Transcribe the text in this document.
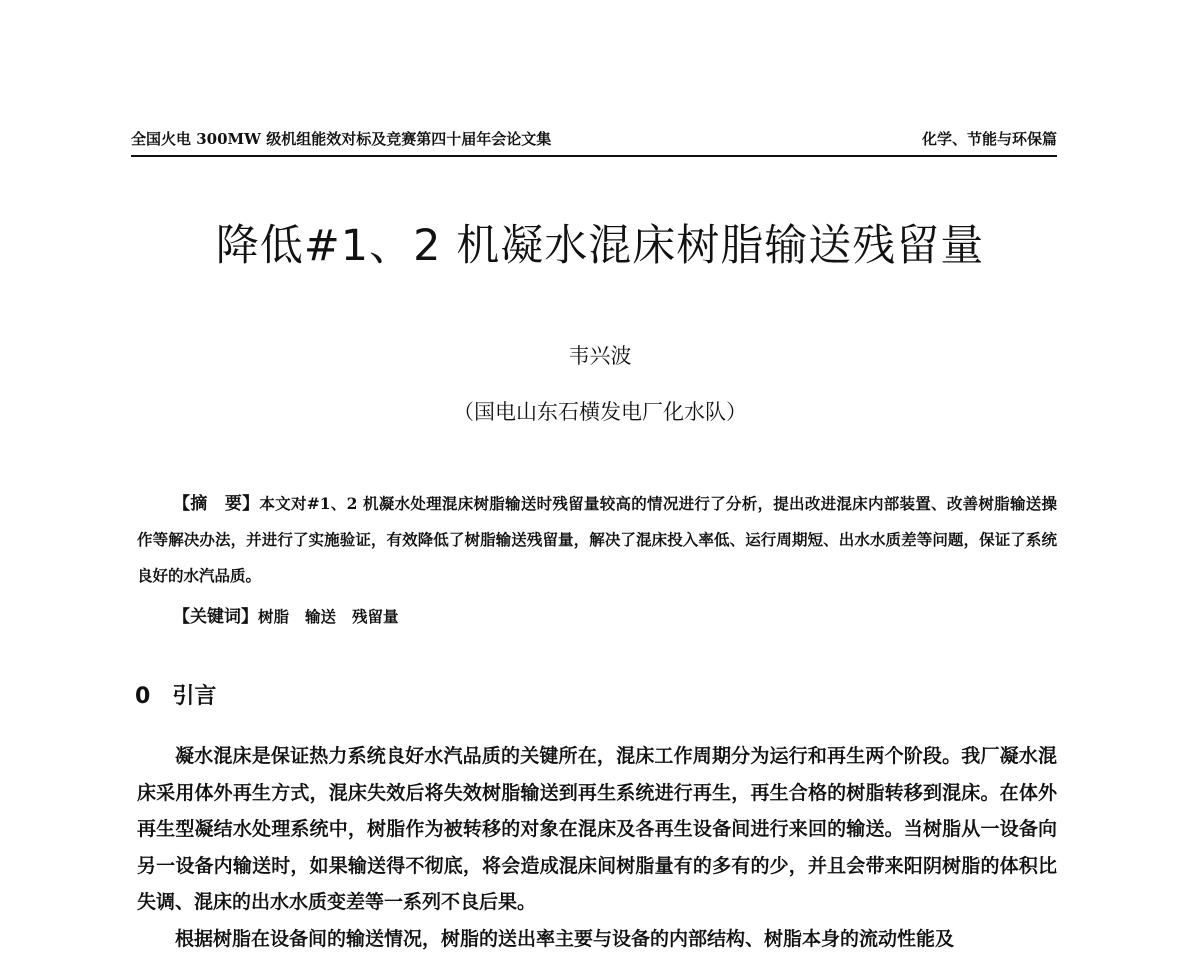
全国火电 300MW 级机组能效对标及竞赛第四十届年会论文集	化学、节能与环保篇
降低#1、2 机凝水混床树脂输送残留量
韦兴波
（国电山东石横发电厂化水队）

【摘　要】本文对#1、2 机凝水处理混床树脂输送时残留量较高的情况进行了分析，提出改进混床内部装置、改善树脂输送操作等解决办法，并进行了实施验证，有效降低了树脂输送残留量，解决了混床投入率低、运行周期短、出水水质差等问题，保证了系统良好的水汽品质。

【关键词】树脂 输送 残留量
0 引言

凝水混床是保证热力系统良好水汽品质的关键所在，混床工作周期分为运行和再生两个阶段。我厂凝水混床采用体外再生方式，混床失效后将失效树脂输送到再生系统进行再生，再生合格的树脂转移到混床。在体外再生型凝结水处理系统中，树脂作为被转移的对象在混床及各再生设备间进行来回的输送。当树脂从一设备向另一设备内输送时，如果输送得不彻底，将会造成混床间树脂量有的多有的少，并且会带来阳阴树脂的体积比失调、混床的出水水质变差等一系列不良后果。

根据树脂在设备间的输送情况，树脂的送出率主要与设备的内部结构、树脂本身的流动性能及
